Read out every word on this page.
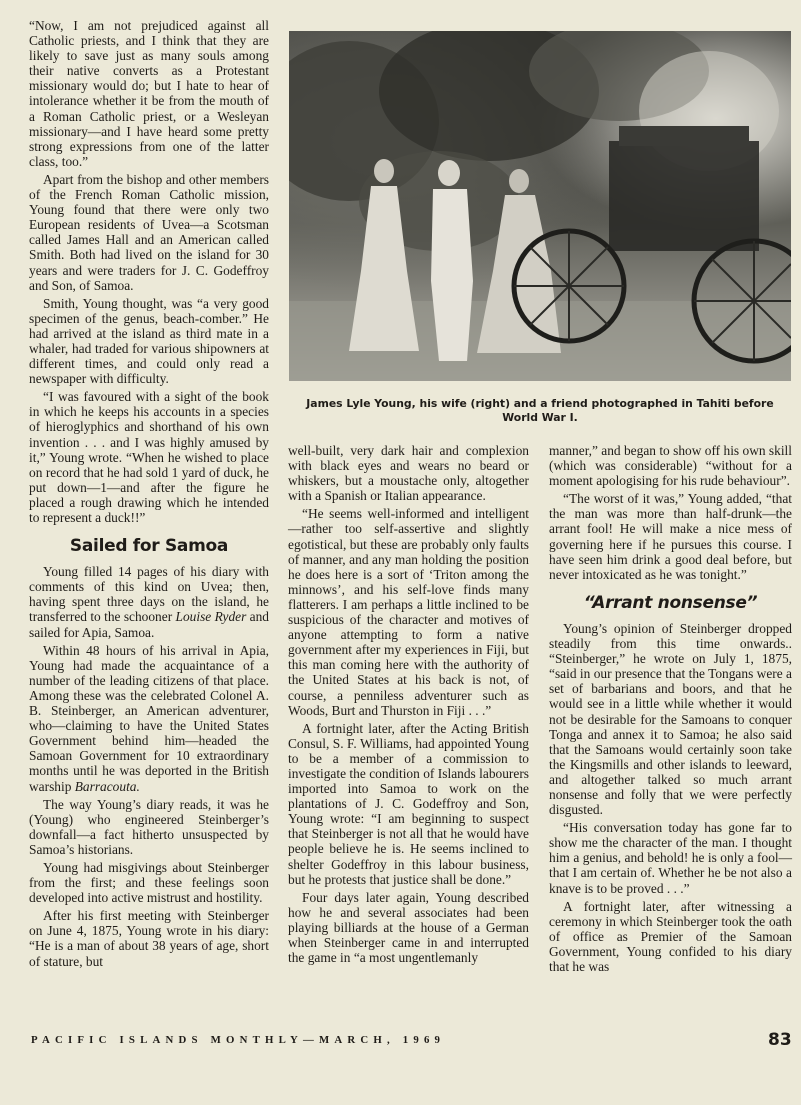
“Now, I am not prejudiced against all Catholic priests, and I think that they are likely to save just as many souls among their native converts as a Protestant missionary would do; but I hate to hear of intolerance whether it be from the mouth of a Roman Catholic priest, or a Wesleyan missionary—and I have heard some pretty strong expressions from one of the latter class, too.”

Apart from the bishop and other members of the French Roman Catholic mission, Young found that there were only two European residents of Uvea—a Scotsman called James Hall and an American called Smith. Both had lived on the island for 30 years and were traders for J. C. Godeffroy and Son, of Samoa.

Smith, Young thought, was “a very good specimen of the genus, beach-comber.” He had arrived at the island as third mate in a whaler, had traded for various shipowners at different times, and could only read a newspaper with difficulty.

“I was favoured with a sight of the book in which he keeps his accounts in a species of hieroglyphics and shorthand of his own invention . . . and I was highly amused by it,” Young wrote. “When he wished to place on record that he had sold 1 yard of duck, he put down—1—and after the figure he placed a rough drawing which he intended to represent a duck!!”

Sailed for Samoa

Young filled 14 pages of his diary with comments of this kind on Uvea; then, having spent three days on the island, he transferred to the schooner Louise Ryder and sailed for Apia, Samoa.

Within 48 hours of his arrival in Apia, Young had made the acquaintance of a number of the leading citizens of that place. Among these was the celebrated Colonel A. B. Steinberger, an American adventurer, who—claiming to have the United States Government behind him—headed the Samoan Government for 10 extraordinary months until he was deported in the British warship Barracouta.

The way Young’s diary reads, it was he (Young) who engineered Steinberger’s downfall—a fact hitherto unsuspected by Samoa’s historians.

Young had misgivings about Steinberger from the first; and these feelings soon developed into active mistrust and hostility.

After his first meeting with Steinberger on June 4, 1875, Young wrote in his diary: “He is a man of about 38 years of age, short of stature, but

James Lyle Young, his wife (right) and a friend photographed in Tahiti before World War I.

well-built, very dark hair and complexion with black eyes and wears no beard or whiskers, but a moustache only, altogether with a Spanish or Italian appearance.

“He seems well-informed and intelligent—rather too self-assertive and slightly egotistical, but these are probably only faults of manner, and any man holding the position he does here is a sort of ‘Triton among the minnows’, and his self-love finds many flatterers. I am perhaps a little inclined to be suspicious of the character and motives of anyone attempting to form a native government after my experiences in Fiji, but this man coming here with the authority of the United States at his back is not, of course, a penniless adventurer such as Woods, Burt and Thurston in Fiji . . .”

A fortnight later, after the Acting British Consul, S. F. Williams, had appointed Young to be a member of a commission to investigate the condition of Islands labourers imported into Samoa to work on the plantations of J. C. Godeffroy and Son, Young wrote: “I am beginning to suspect that Steinberger is not all that he would have people believe he is. He seems inclined to shelter Godeffroy in this labour business, but he protests that justice shall be done.”

Four days later again, Young described how he and several associates had been playing billiards at the house of a German when Steinberger came in and interrupted the game in “a most ungentlemanly

manner,” and began to show off his own skill (which was considerable) “without for a moment apologising for his rude behaviour”.

“The worst of it was,” Young added, “that the man was more than half-drunk—the arrant fool! He will make a nice mess of governing here if he pursues this course. I have seen him drink a good deal before, but never intoxicated as he was tonight.”

“Arrant nonsense”

Young’s opinion of Steinberger dropped steadily from this time onwards.. “Steinberger,” he wrote on July 1, 1875, “said in our presence that the Tongans were a set of barbarians and boors, and that he would see in a little while whether it would not be desirable for the Samoans to conquer Tonga and annex it to Samoa; he also said that the Samoans would certainly soon take the Kingsmills and other islands to leeward, and altogether talked so much arrant nonsense and folly that we were perfectly disgusted.

“His conversation today has gone far to show me the character of the man. I thought him a genius, and behold! he is only a fool—that I am certain of. Whether he be not also a knave is to be proved . . .”

A fortnight later, after witnessing a ceremony in which Steinberger took the oath of office as Premier of the Samoan Government, Young confided to his diary that he was

PACIFIC ISLANDS MONTHLY—MARCH, 1969	83
